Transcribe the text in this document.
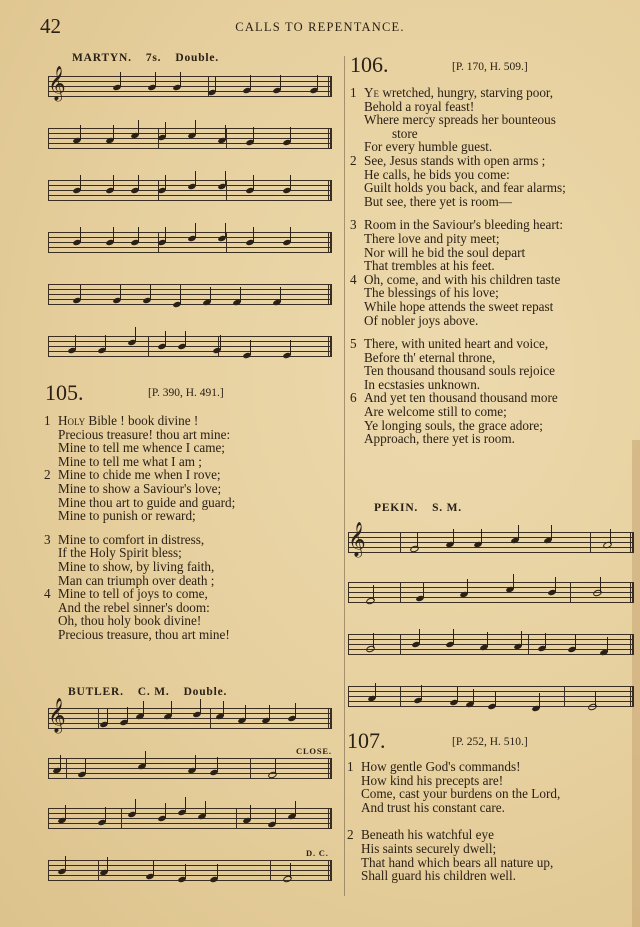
42	CALLS TO REPENTANCE.
MARTYN. 7s. Double.
105.	[P. 390, H. 491.]
1 Holy Bible ! book divine !
Precious treasure! thou art mine:
Mine to tell me whence I came;
Mine to tell me what I am ;
2 Mine to chide me when I rove;
Mine to show a Saviour's love;
Mine thou art to guide and guard;
Mine to punish or reward;
3 Mine to comfort in distress,
If the Holy Spirit bless;
Mine to show, by living faith,
Man can triumph over death ;
4 Mine to tell of joys to come,
And the rebel sinner's doom:
Oh, thou holy book divine!
Precious treasure, thou art mine!
BUTLER. C. M. Double.
CLOSE.
D. C.
106.	[P. 170, H. 509.]
1 Ye wretched, hungry, starving poor,
Behold a royal feast!
Where mercy spreads her bounteous
store
For every humble guest.
2 See, Jesus stands with open arms ;
He calls, he bids you come:
Guilt holds you back, and fear alarms;
But see, there yet is room—
3 Room in the Saviour's bleeding heart:
There love and pity meet;
Nor will he bid the soul depart
That trembles at his feet.
4 Oh, come, and with his children taste
The blessings of his love;
While hope attends the sweet repast
Of nobler joys above.
5 There, with united heart and voice,
Before th' eternal throne,
Ten thousand thousand souls rejoice
In ecstasies unknown.
6 And yet ten thousand thousand more
Are welcome still to come;
Ye longing souls, the grace adore;
Approach, there yet is room.
PEKIN. S. M.
107.	[P. 252, H. 510.]
1 How gentle God's commands!
How kind his precepts are!
Come, cast your burdens on the Lord,
And trust his constant care.
2 Beneath his watchful eye
His saints securely dwell;
That hand which bears all nature up,
Shall guard his children well.
𝄞
𝄞
𝄞
